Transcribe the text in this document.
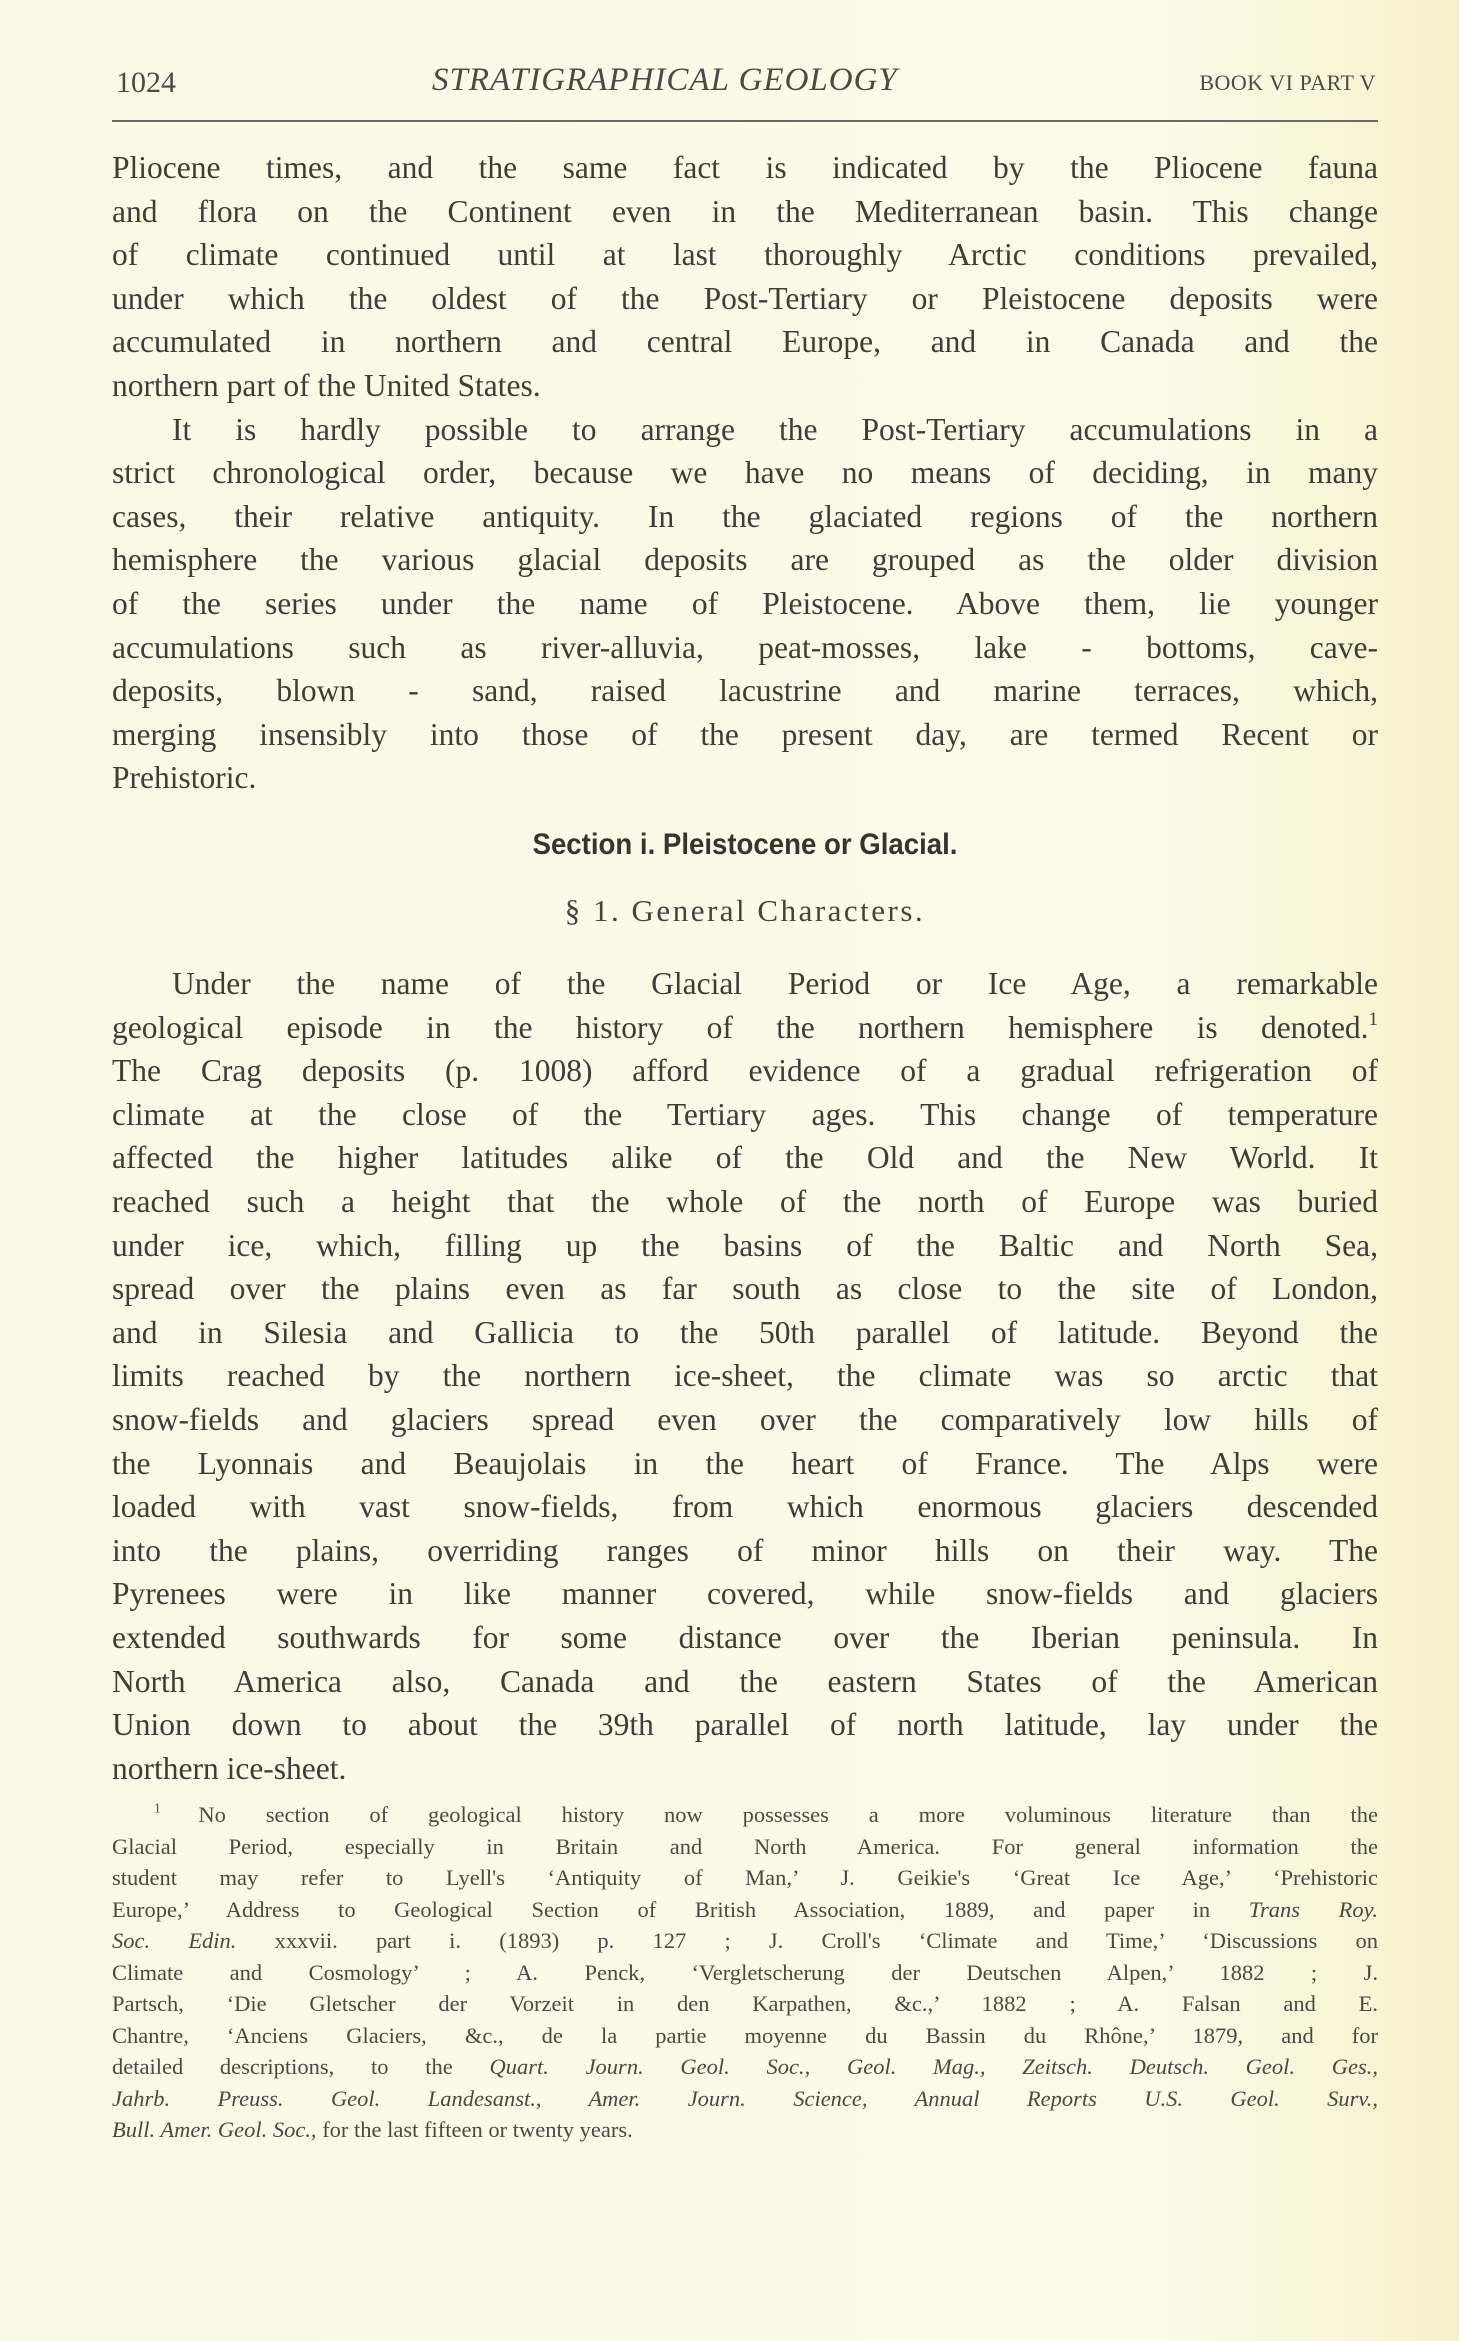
1024	STRATIGRAPHICAL GEOLOGY	BOOK VI PART V

Pliocene times, and the same fact is indicated by the Pliocene fauna
and flora on the Continent even in the Mediterranean basin. This change
of climate continued until at last thoroughly Arctic conditions prevailed,
under which the oldest of the Post-Tertiary or Pleistocene deposits were
accumulated in northern and central Europe, and in Canada and the
northern part of the United States.

It is hardly possible to arrange the Post-Tertiary accumulations in a
strict chronological order, because we have no means of deciding, in many
cases, their relative antiquity. In the glaciated regions of the northern
hemisphere the various glacial deposits are grouped as the older division
of the series under the name of Pleistocene. Above them, lie younger
accumulations such as river-alluvia, peat-mosses, lake - bottoms, cave-
deposits, blown - sand, raised lacustrine and marine terraces, which,
merging insensibly into those of the present day, are termed Recent or
Prehistoric.

Section i. Pleistocene or Glacial.
§ 1. General Characters.

Under the name of the Glacial Period or Ice Age, a remarkable
geological episode in the history of the northern hemisphere is denoted.$^1$
The Crag deposits (p. 1008) afford evidence of a gradual refrigeration of
climate at the close of the Tertiary ages. This change of temperature
affected the higher latitudes alike of the Old and the New World. It
reached such a height that the whole of the north of Europe was buried
under ice, which, filling up the basins of the Baltic and North Sea,
spread over the plains even as far south as close to the site of London,
and in Silesia and Gallicia to the 50th parallel of latitude. Beyond the
limits reached by the northern ice-sheet, the climate was so arctic that
snow-fields and glaciers spread even over the comparatively low hills of
the Lyonnais and Beaujolais in the heart of France. The Alps were
loaded with vast snow-fields, from which enormous glaciers descended
into the plains, overriding ranges of minor hills on their way. The
Pyrenees were in like manner covered, while snow-fields and glaciers
extended southwards for some distance over the Iberian peninsula. In
North America also, Canada and the eastern States of the American
Union down to about the 39th parallel of north latitude, lay under the
northern ice-sheet.

$^1$ No section of geological history now possesses a more voluminous literature than the
Glacial Period, especially in Britain and North America. For general information the
student may refer to Lyell's ‘Antiquity of Man,’ J. Geikie's ‘Great Ice Age,’ ‘Prehistoric
Europe,’ Address to Geological Section of British Association, 1889, and paper in Trans Roy.
Soc. Edin. xxxvii. part i. (1893) p. 127 ; J. Croll's ‘Climate and Time,’ ‘Discussions on
Climate and Cosmology’ ; A. Penck, ‘Vergletscherung der Deutschen Alpen,’ 1882 ; J.
Partsch, ‘Die Gletscher der Vorzeit in den Karpathen, &c.,’ 1882 ; A. Falsan and E.
Chantre, ‘Anciens Glaciers, &c., de la partie moyenne du Bassin du Rhône,’ 1879, and for
detailed descriptions, to the Quart. Journ. Geol. Soc., Geol. Mag., Zeitsch. Deutsch. Geol. Ges.,
Jahrb. Preuss. Geol. Landesanst., Amer. Journ. Science, Annual Reports U.S. Geol. Surv.,
Bull. Amer. Geol. Soc., for the last fifteen or twenty years.
